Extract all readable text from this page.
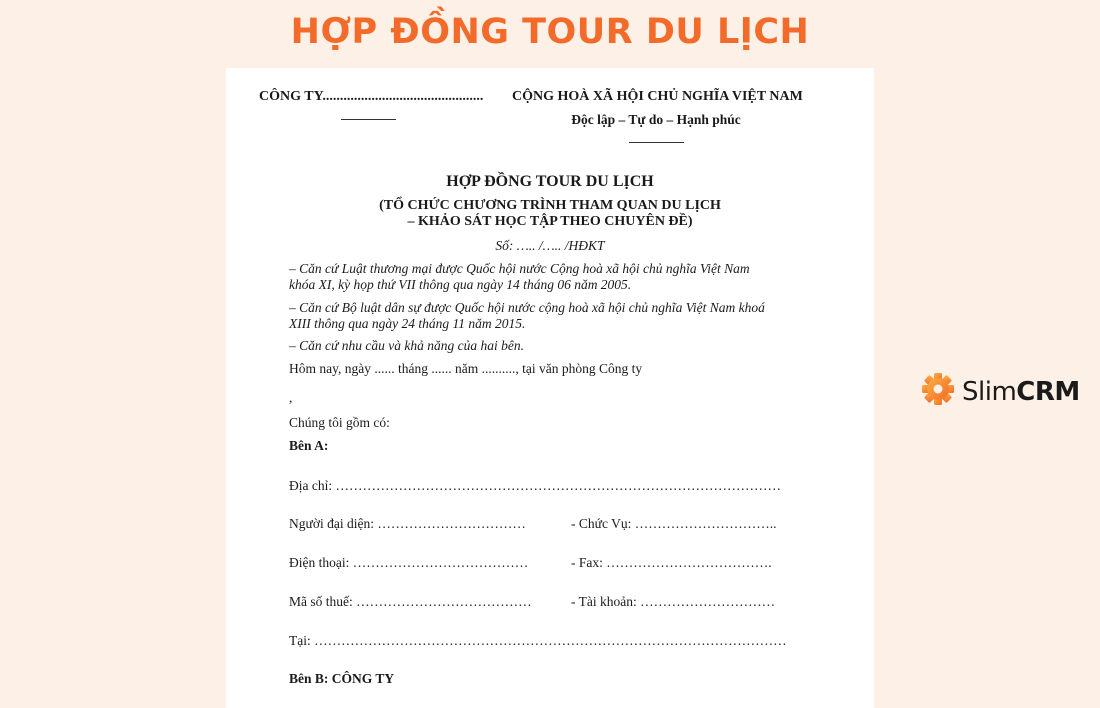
HỢP ĐỒNG TOUR DU LỊCH
CÔNG TY.............................................. CỘNG HOÀ XÃ HỘI CHỦ NGHĨA VIỆT NAM
Độc lập – Tự do – Hạnh phúc
HỢP ĐỒNG TOUR DU LỊCH
(TỔ CHỨC CHƯƠNG TRÌNH THAM QUAN DU LỊCH
– KHẢO SÁT HỌC TẬP THEO CHUYÊN ĐỀ)
Số: ….. /….. /HĐKT
– Căn cứ Luật thương mại được Quốc hội nước Cộng hoà xã hội chủ nghĩa Việt Nam
khóa XI, kỳ họp thứ VII thông qua ngày 14 tháng 06 năm 2005.
– Căn cứ Bộ luật dân sự được Quốc hội nước cộng hoà xã hội chủ nghĩa Việt Nam khoá
XIII thông qua ngày 24 tháng 11 năm 2015.
– Căn cứ nhu cầu và khả năng của hai bên.
Hôm nay, ngày ...... tháng ...... năm .........., tại văn phòng Công ty
,
Chúng tôi gồm có:
Bên A:
Địa chỉ: ………………………………………………………………………………………
Người đại diện: ……………………………	- Chức Vụ: …………………………..
Điện thoại: …………………………………	- Fax: ……………………………….
Mã số thuế: …………………………………	- Tài khoản: …………………………
Tại: ……………………………………………………………………………………………
Bên B: CÔNG TY
SlimCRM
